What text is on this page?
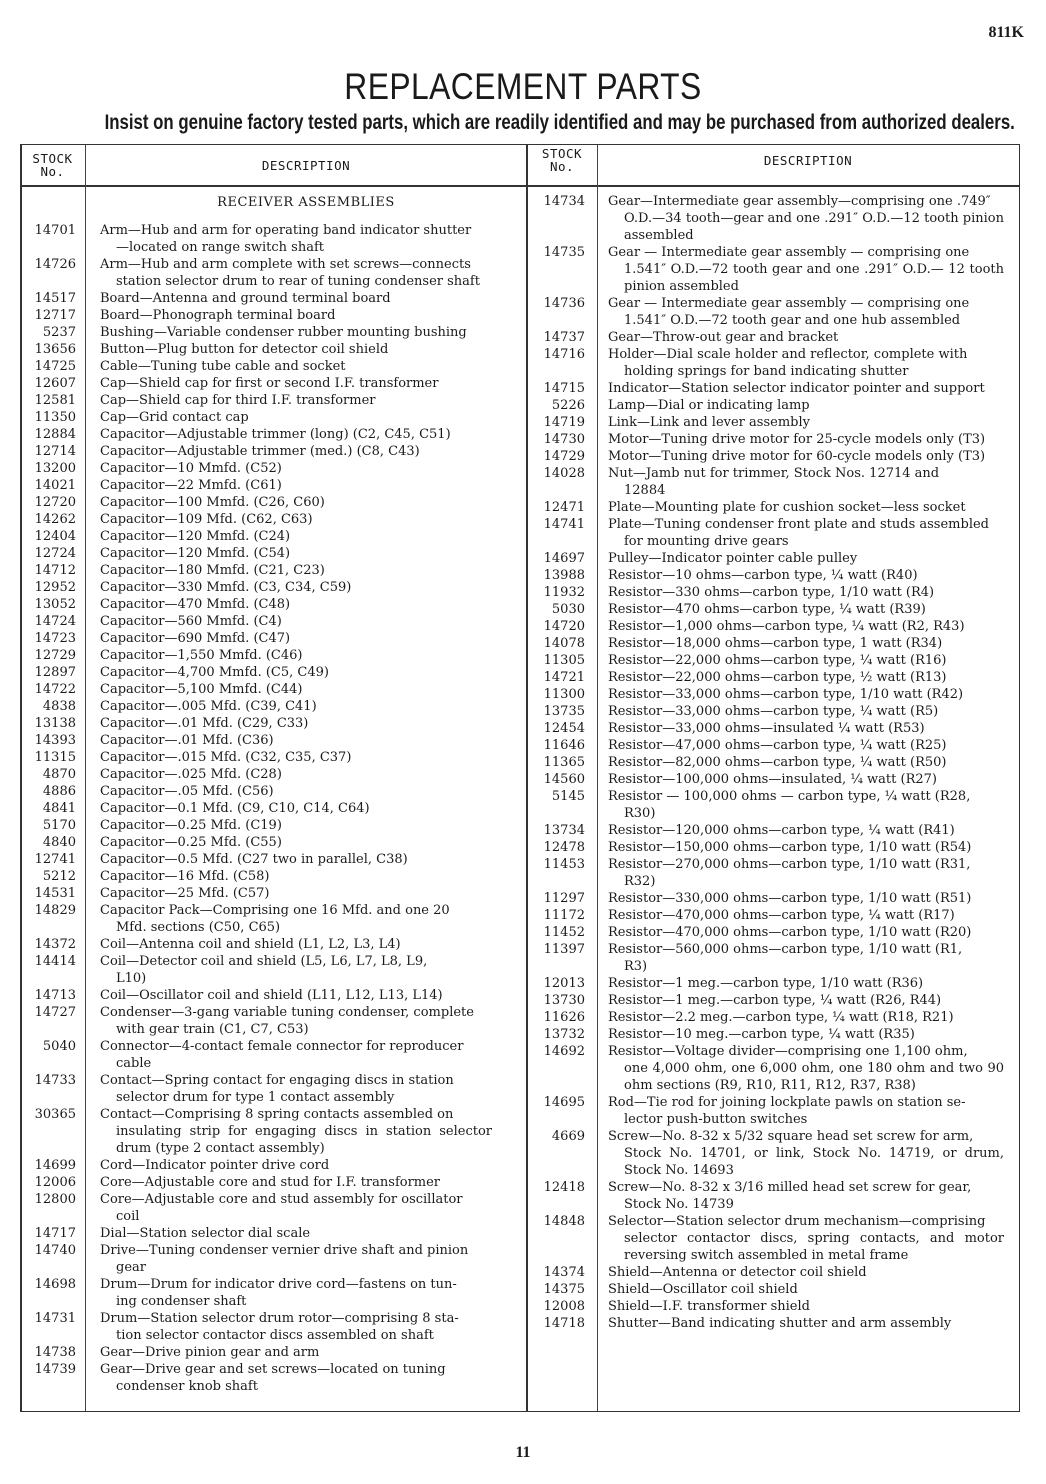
811K
REPLACEMENT PARTS
Insist on genuine factory tested parts, which are readily identified and may be purchased from authorized dealers.
STOCK No.	DESCRIPTION
STOCK No.	DESCRIPTION
RECEIVER ASSEMBLIES
14701 Arm—Hub and arm for operating band indicator shutter
—located on range switch shaft
14726 Arm—Hub and arm complete with set screws—connects
station selector drum to rear of tuning condenser shaft
14517 Board—Antenna and ground terminal board
12717 Board—Phonograph terminal board
5237 Bushing—Variable condenser rubber mounting bushing
13656 Button—Plug button for detector coil shield
14725 Cable—Tuning tube cable and socket
12607 Cap—Shield cap for first or second I.F. transformer
12581 Cap—Shield cap for third I.F. transformer
11350 Cap—Grid contact cap
12884 Capacitor—Adjustable trimmer (long) (C2, C45, C51)
12714 Capacitor—Adjustable trimmer (med.) (C8, C43)
13200 Capacitor—10 Mmfd. (C52)
14021 Capacitor—22 Mmfd. (C61)
12720 Capacitor—100 Mmfd. (C26, C60)
14262 Capacitor—109 Mfd. (C62, C63)
12404 Capacitor—120 Mmfd. (C24)
12724 Capacitor—120 Mmfd. (C54)
14712 Capacitor—180 Mmfd. (C21, C23)
12952 Capacitor—330 Mmfd. (C3, C34, C59)
13052 Capacitor—470 Mmfd. (C48)
14724 Capacitor—560 Mmfd. (C4)
14723 Capacitor—690 Mmfd. (C47)
12729 Capacitor—1,550 Mmfd. (C46)
12897 Capacitor—4,700 Mmfd. (C5, C49)
14722 Capacitor—5,100 Mmfd. (C44)
4838 Capacitor—.005 Mfd. (C39, C41)
13138 Capacitor—.01 Mfd. (C29, C33)
14393 Capacitor—.01 Mfd. (C36)
11315 Capacitor—.015 Mfd. (C32, C35, C37)
4870 Capacitor—.025 Mfd. (C28)
4886 Capacitor—.05 Mfd. (C56)
4841 Capacitor—0.1 Mfd. (C9, C10, C14, C64)
5170 Capacitor—0.25 Mfd. (C19)
4840 Capacitor—0.25 Mfd. (C55)
12741 Capacitor—0.5 Mfd. (C27 two in parallel, C38)
5212 Capacitor—16 Mfd. (C58)
14531 Capacitor—25 Mfd. (C57)
14829 Capacitor Pack—Comprising one 16 Mfd. and one 20
Mfd. sections (C50, C65)
14372 Coil—Antenna coil and shield (L1, L2, L3, L4)
14414 Coil—Detector coil and shield (L5, L6, L7, L8, L9,
L10)
14713 Coil—Oscillator coil and shield (L11, L12, L13, L14)
14727 Condenser—3-gang variable tuning condenser, complete
with gear train (C1, C7, C53)
5040 Connector—4-contact female connector for reproducer
cable
14733 Contact—Spring contact for engaging discs in station
selector drum for type 1 contact assembly
30365 Contact—Comprising 8 spring contacts assembled on
insulating strip for engaging discs in station selector drum (type 2 contact assembly)
14699 Cord—Indicator pointer drive cord
12006 Core—Adjustable core and stud for I.F. transformer
12800 Core—Adjustable core and stud assembly for oscillator
coil
14717 Dial—Station selector dial scale
14740 Drive—Tuning condenser vernier drive shaft and pinion
gear
14698 Drum—Drum for indicator drive cord—fastens on tun-
ing condenser shaft
14731 Drum—Station selector drum rotor—comprising 8 sta-
tion selector contactor discs assembled on shaft
14738 Gear—Drive pinion gear and arm
14739 Gear—Drive gear and set screws—located on tuning
condenser knob shaft
14734 Gear—Intermediate gear assembly—comprising one .749″
O.D.—34 tooth—gear and one .291″ O.D.—12 tooth pinion assembled
14735 Gear — Intermediate gear assembly — comprising one
1.541″ O.D.—72 tooth gear and one .291″ O.D.— 12 tooth pinion assembled
14736 Gear — Intermediate gear assembly — comprising one
1.541″ O.D.—72 tooth gear and one hub assembled
14737 Gear—Throw-out gear and bracket
14716 Holder—Dial scale holder and reflector, complete with
holding springs for band indicating shutter
14715 Indicator—Station selector indicator pointer and support
5226 Lamp—Dial or indicating lamp
14719 Link—Link and lever assembly
14730 Motor—Tuning drive motor for 25-cycle models only (T3)
14729 Motor—Tuning drive motor for 60-cycle models only (T3)
14028 Nut—Jamb nut for trimmer, Stock Nos. 12714 and
12884
12471 Plate—Mounting plate for cushion socket—less socket
14741 Plate—Tuning condenser front plate and studs assembled
for mounting drive gears
14697 Pulley—Indicator pointer cable pulley
13988 Resistor—10 ohms—carbon type, ¼ watt (R40)
11932 Resistor—330 ohms—carbon type, 1/10 watt (R4)
5030 Resistor—470 ohms—carbon type, ¼ watt (R39)
14720 Resistor—1,000 ohms—carbon type, ¼ watt (R2, R43)
14078 Resistor—18,000 ohms—carbon type, 1 watt (R34)
11305 Resistor—22,000 ohms—carbon type, ¼ watt (R16)
14721 Resistor—22,000 ohms—carbon type, ½ watt (R13)
11300 Resistor—33,000 ohms—carbon type, 1/10 watt (R42)
13735 Resistor—33,000 ohms—carbon type, ¼ watt (R5)
12454 Resistor—33,000 ohms—insulated ¼ watt (R53)
11646 Resistor—47,000 ohms—carbon type, ¼ watt (R25)
11365 Resistor—82,000 ohms—carbon type, ¼ watt (R50)
14560 Resistor—100,000 ohms—insulated, ¼ watt (R27)
5145 Resistor — 100,000 ohms — carbon type, ¼ watt (R28,
R30)
13734 Resistor—120,000 ohms—carbon type, ¼ watt (R41)
12478 Resistor—150,000 ohms—carbon type, 1/10 watt (R54)
11453 Resistor—270,000 ohms—carbon type, 1/10 watt (R31,
R32)
11297 Resistor—330,000 ohms—carbon type, 1/10 watt (R51)
11172 Resistor—470,000 ohms—carbon type, ¼ watt (R17)
11452 Resistor—470,000 ohms—carbon type, 1/10 watt (R20)
11397 Resistor—560,000 ohms—carbon type, 1/10 watt (R1,
R3)
12013 Resistor—1 meg.—carbon type, 1/10 watt (R36)
13730 Resistor—1 meg.—carbon type, ¼ watt (R26, R44)
11626 Resistor—2.2 meg.—carbon type, ¼ watt (R18, R21)
13732 Resistor—10 meg.—carbon type, ¼ watt (R35)
14692 Resistor—Voltage divider—comprising one 1,100 ohm,
one 4,000 ohm, one 6,000 ohm, one 180 ohm and two 90 ohm sections (R9, R10, R11, R12, R37, R38)
14695 Rod—Tie rod for joining lockplate pawls on station se-
lector push-button switches
4669 Screw—No. 8-32 x 5/32 square head set screw for arm,
Stock No. 14701, or link, Stock No. 14719, or drum, Stock No. 14693
12418 Screw—No. 8-32 x 3/16 milled head set screw for gear,
Stock No. 14739
14848 Selector—Station selector drum mechanism—comprising
selector contactor discs, spring contacts, and motor reversing switch assembled in metal frame
14374 Shield—Antenna or detector coil shield
14375 Shield—Oscillator coil shield
12008 Shield—I.F. transformer shield
14718 Shutter—Band indicating shutter and arm assembly
11
